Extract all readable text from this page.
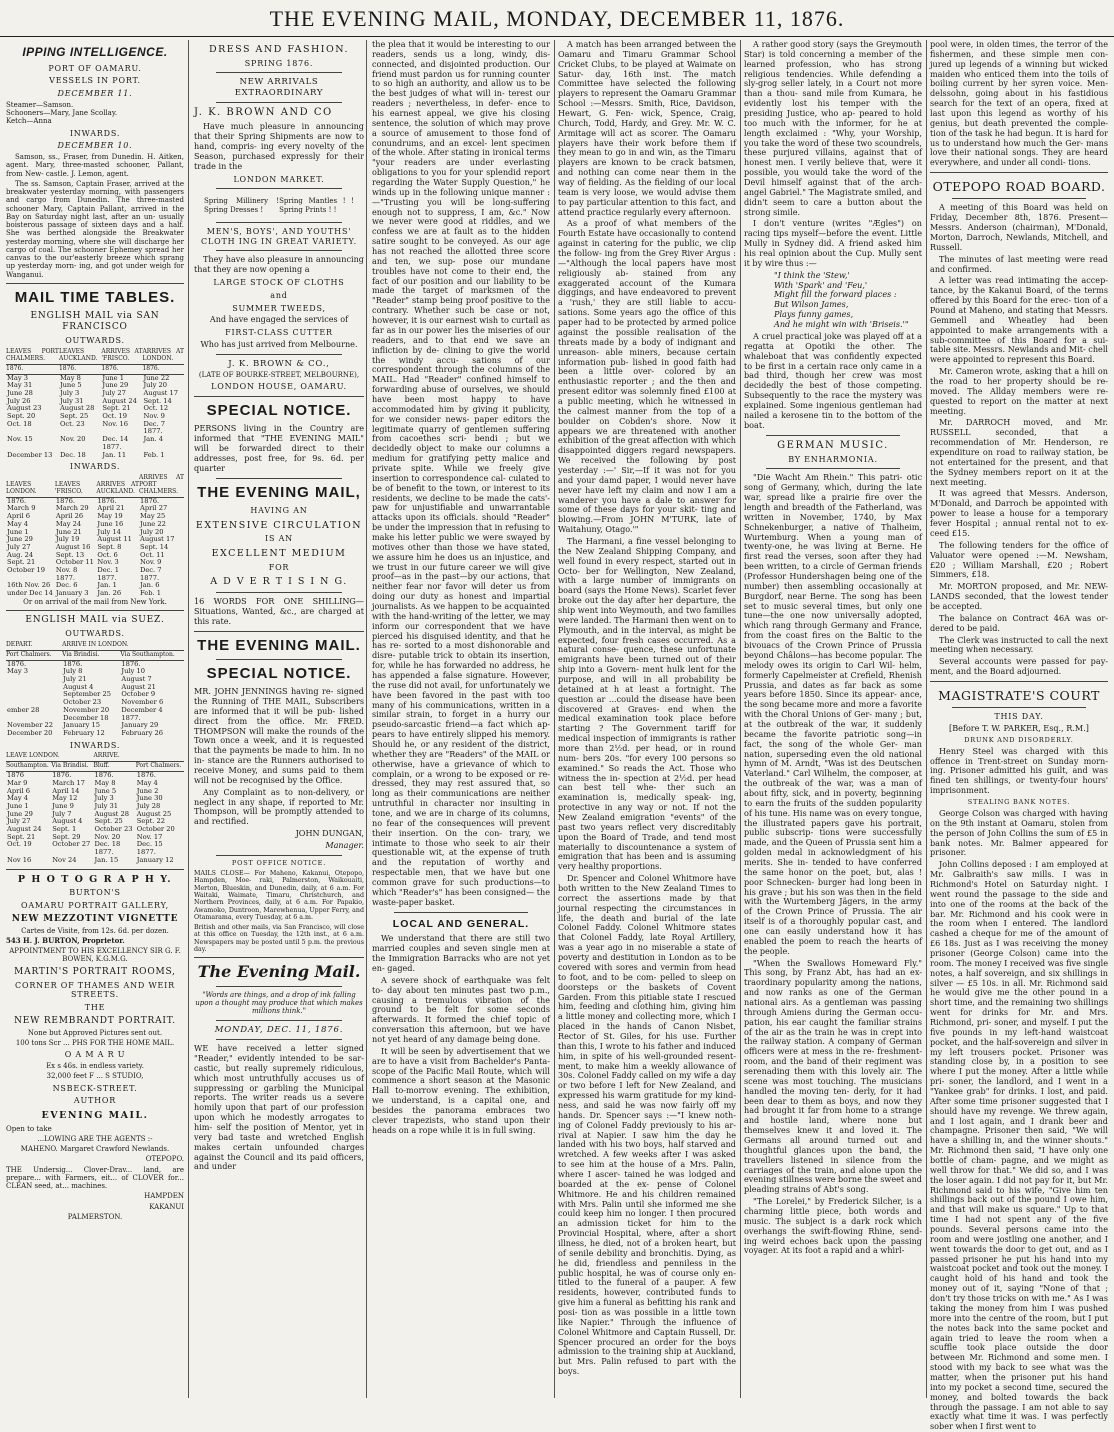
THE EVENING MAIL, MONDAY, DECEMBER 11, 1876.
IPPING INTELLIGENCE.
PORT OF OAMARU.
VESSELS IN PORT.
DECEMBER 11.

Steamer—Samson.
Schooners—Mary, Jane Scollay.
Ketch—Anna

INWARDS.
DECEMBER 10.

Samson, ss., Fraser, from Dunedin. H. Aitken, agent. Mary, three-masted schooner, Pallant, from New- castle. J. Lemon, agent.

The ss. Samson, Captain Fraser, arrived at the breakwater yesterday morning, with passengers and cargo from Dunedin. The three-masted schooner Mary, Captain Pallant, arrived in the Bay on Saturday night last, after an un- usually boisterous passage of sixteen days and a half. She was berthed alongside the Breakwater yesterday morning, where she will discharge her cargo of coal. The schooner Ephemey spread her canvas to the our'easterly breeze which sprang up yesterday morn- ing, and got under weigh for Wanganui.

MAIL TIME TABLES.
ENGLISH MAIL via SAN FRANCISCO
OUTWARDS.
LEAVES PORT CHALMERS.	LEAVES AUCKLAND.	ARRIVES AT 'FRISCO.	ARRIVES AT LONDON.
1876.	1876.	1876.	1876.
May 3	May 8	June 1	June 22
May 31	June 5	June 29	July 20
June 28	July 3	July 27	August 17
July 26	July 31	August 24	Sept. 14
August 23	August 28	Sept. 21	Oct. 12
Sept. 20	Sept. 25	Oct. 19	Nov. 9
Oct. 18	Oct. 23	Nov. 16	Dec. 7
			1877.
Nov. 15	Nov. 20	Dec. 14	Jan. 4
		1877.	
December 13	Dec. 18	Jan. 11	Feb. 1
INWARDS.
LEAVES LONDON.	LEAVES 'FRISCO.	ARRIVES AT AUCKLAND.	ARRIVES AT PORT CHALMERS.
1876.	1876.	1876.	1876.
March 9	March 29	April 21	April 27
April 6	April 26	May 19	May 25
May 4	May 24	June 16	June 22
June 1	June 21	July 14	July 20
June 29	July 19	August 11	August 17
July 27	August 16	Sept. 8	Sept. 14
Aug. 24	Sept. 13	Oct. 6	Oct. 11
Sept. 21	October 11	Nov. 3	Nov. 9
October 19	Nov. 8	Dec. 1	Dec. 7
	1877.	1877.	1877.
16th Nov. 26	Dec. 6	Jan. 1	Jan. 6
under Dec 14	January 3	Jan. 26	Feb. 1

Or on arrival of the mail from New York.

ENGLISH MAIL via SUEZ.
OUTWARDS.
DEPART.	ARRIVE IN LONDON.	
Port Chalmers.	Via Brindisi.	Via Southampton.
1876.	1876.	1876.
May 3	July 8	July 10
	July 21	August 7
	August 4	August 21
	September 25	October 9
	October 23	November 6
ember 28	November 20	December 4
	December 18	1877.
November 22	January 15	January 29
December 20	February 12	February 26
INWARDS.
LEAVE LONDON.		ARRIVE.	
Southampton.	Via Brindisi.	Bluff.	Port Chalmers.
1876	1876.	1876.	1876.
Mar 9	March 17	May 8	May 4
April 6	April 14	June 5	June 2
May 4	May 12	July 3	June 30
June 1	June 9	July 31	July 28
June 29	July 7	August 28	August 25
July 27	August 4	Sept. 25	Sept. 22
August 24	Sept. 1	October 23	October 20
Sept. 21	Sept. 29	Nov. 20	Nov. 17
Oct. 19	October 27	Dec. 18	Dec. 15
		1877.	1877.
Nov 16	Nov 24	Jan. 15	January 12
P H O T O G R A P H Y.
BURTON'S
OAMARU PORTRAIT GALLERY,
NEW MEZZOTINT VIGNETTE

Cartes de Visite, from 12s. 6d. per dozen.

543 H. J. BURTON, Proprietor.

APPOINTMENT TO HIS EXCELLENCY SIR G. F. BOWEN, K.G.M.G.

MARTIN'S PORTRAIT ROOMS,
CORNER OF THAMES AND WEIR STREETS.
THE
NEW REMBRANDT PORTRAIT.

None but Approved Pictures sent out.

100 tons Scr ... PHS FOR THE HOME MAIL.

O A M A R U

Ex s 46s. in endless variety.

32,000 feet F ... S STUDIO,

NSBECK-STREET.
AUTHOR
EVENING MAIL.

Open to take

...LOWING ARE THE AGENTS :-

MAHENO. Margaret Crawford Newlands.

OTEPOPO.

THE Undersig... Clover-Drav... land, are prepare... with Farmers, eit... of CLOVER for... CLEAN seed, at... machines.

HAMPDEN

KAKANUI

PALMERSTON.

DRESS AND FASHION.
SPRING 1876.
NEW ARRIVALS EXTRAORDINARY
J. K. BROWN AND CO

Have much pleasure in announcing that their Spring Shipments are now to hand, compris- ing every novelty of the Season, purchased expressly for their trade in the

LONDON MARKET.
Spring Millinery ! Spring Dresses !
Spring Mantles ! ! Spring Prints ! !
MEN'S, BOYS', AND YOUTHS' CLOTH ING IN GREAT VARIETY.

They have also pleasure in announcing that they are now opening a

LARGE STOCK OF CLOTHS
and
SUMMER TWEEDS,

And have engaged the services of

FIRST-CLASS CUTTER

Who has just arrived from Melbourne.

J. K. BROWN & CO.,

(LATE OF BOURKE-STREET, MELBOURNE),

LONDON HOUSE, OAMARU.
SPECIAL NOTICE.

PERSONS living in the Country are informed that "THE EVENING MAIL" will be forwarded direct to their addresses, post free, for 9s. 6d. per quarter

THE EVENING MAIL,
HAVING AN
EXTENSIVE CIRCULATION
IS AN
EXCELLENT MEDIUM
FOR
A D V E R T I S I N G.

16 WORDS FOR ONE SHILLING— Situations, Wanted, &c., are charged at this rate.

THE EVENING MAIL.
SPECIAL NOTICE.

MR. JOHN JENNINGS having re- signed the Running of THE MAIL, Subscribers are informed that it will be pub- lished direct from the office. Mr. FRED. THOMPSON will make the rounds of the Town once a week, and it is requested that the payments be made to him. In no in- stance are the Runners authorised to receive Money, and sums paid to them will not be recognised by the Office.

Any Complaint as to non-delivery, or neglect in any shape, if reported to Mr. Thompson, will be promptly attended to and rectified.

JOHN DUNGAN,

Manager.

POST OFFICE NOTICE.

MAILS CLOSE— For Maheno, Kakanui, Otepopo, Hampden, Moe- raki, Palmerston, Waikouaiti, Merton, Blueskin, and Dunedin, daily, at 6 a.m. For Waitaki, Waimate, Timaru, Christchurch, and Northern Provinces, daily, at 6 a.m. For Papakio, Awamoko, Duntroon, Marewhenua, Upper Ferry, and Otamarama, every Tuesday, at 6 a.m.

British and other mails, via San Francisco, will close at this office on Tuesday, the 12th inst., at 6 a.m. Newspapers may be posted until 5 p.m. the previous day.

The Evening Mail.

"Words are things, and a drop of ink falling upon a thought may produce that which makes millions think."

MONDAY, DEC. 11, 1876.

WE have received a letter signed "Reader," evidently intended to be sar- castic, but really supremely ridiculous, which most untruthfully accuses us of suppressing or garbling the Municipal reports. The writer reads us a severe homily upon that part of our profession upon which he modestly arrogates to him- self the position of Mentor, yet in very bad taste and wretched English makes certain unfounded charges against the Council and its paid officers, and under

the plea that it would be interesting to our readers, sends us a long, windy, dis- connected, and disjointed production. Our friend must pardon us for running counter to so high an authority, and allow us to be the best judges of what will in- terest our readers ; nevertheless, in defer- ence to his earnest appeal, we give his closing sentence, the solution of which may prove a source of amusement to those fond of conundrums, and an excel- lent specimen of the whole. After stating in ironical terms "your readers are under everlasting obligations to you for your splendid report regarding the Water Supply Question," he winds up in the following unique manner :—"Trusting you will be long-suffering enough not to suppress, I am, &c." Now we never were good at riddles, and we confess we are at fault as to the hidden satire sought to be conveyed. As our age has not reached the allotted three score and ten, we sup- pose our mundane troubles have not come to their end, the fact of our position and our liability to be made the target of marksmen of the "Reader" stamp being proof positive to the contrary. Whether such be case or not, however, it is our earnest wish to curtail as far as in our power lies the miseries of our readers, and to that end we save an infliction by de- clining to give the world the windy accu- sations of our correspondent through the columns of the MAIL. Had "Reader" confined himself to forwarding abuse of ourselves, we should have been most happy to have accommodated him by giving it publicity, for we consider news- paper editors the legitimate quarry of gentlemen suffering from cacoethes scri- bendi ; but we decidedly object to make our columns a medium for gratifying petty malice and private spite. While we freely give insertion to correspondence cal- culated to be of benefit to the town, or interest to its residents, we decline to be made the cats'-paw for unjustifiable and unwarrantable attacks upon its officials. should "Reader" be under the impression that in refusing to make his letter public we were swayed by motives other than those we have stated, we assure him he does us an injustice, and we trust in our future career we will give proof—as in the past—by our actions, that neither fear nor favor will deter us from doing our duty as honest and impartial journalists. As we happen to be acquainted with the hand-writing of the letter, we may inform our correspondent that we have pierced his disguised identity, and that he has re- sorted to a most dishonorable and disre- putable trick to obtain its insertion, for, while he has forwarded no address, he has appended a false signature. However, the ruse did not avail, for unfortunately we have been favored in the past with too many of his communications, written in a similar strain, to forget in a hurry our pseudo-sarcastic friend—a fact which ap- pears to have entirely slipped his memory. Should he, or any resident of the district, whether they are "Readers" of the MAIL or otherwise, have a grievance of which to complain, or a wrong to be exposed or re- dressed, they may rest assured that, so long as their communications are neither untruthful in character nor insulting in tone, and we are in charge of its columns, no fear of the consequences will prevent their insertion. On the con- trary, we intimate to those who seek to air their questionable wit, at the expense of truth and the reputation of worthy and respectable men, that we have but one common grave for such productions—to which "Reader's" has been consigned— the waste-paper basket.

LOCAL AND GENERAL.

We understand that there are still two married couples and seven single men at the Immigration Barracks who are not yet en- gaged.

A severe shock of earthquake was felt to- day about ten minutes past two p.m., causing a tremulous vibration of the ground to be felt for some seconds afterwards. It formed the chief topic of conversation this afternoon, but we have not yet heard of any damage being done.

It will be seen by advertisement that we are to have a visit from Bachelder's Panta- scope of the Pacific Mail Route, which will commence a short season at the Masonic Hall to-morrow evening. The exhibition, we understand, is a capital one, and besides the panorama embraces two clever trapezists, who stand upon their heads on a rope while it is in full swing.

A match has been arranged between the Oamaru and Timaru Grammar School Cricket Clubs, to be played at Waimate on Satur- day, 16th inst. The match Committee have selected the following players to represent the Oamaru Grammar School :—Messrs. Smith, Rice, Davidson, Hewart, G. Fen- wick, Spence, Craig, Church, Todd, Hardy, and Grey. Mr. W. C. Armitage will act as scorer. The Oamaru players have their work before them if they mean to go in and win, as the Timaru players are known to be crack batsmen, and nothing can come near them in the way of fielding. As the fielding of our local team is very loose, we would advise them to pay particular attention to this fact, and attend practice regularly every afternoon.

As a proof of what members of the Fourth Estate have occasionally to contend against in catering for the public, we clip the follow- ing from the Grey River Argus :—"Although the local papers have most religiously ab- stained from any exaggerated account of the Kumara diggings, and have endeavored to prevent a 'rush,' they are still liable to accu- sations. Some years ago the office of this paper had to be protected by armed police against the possible realisation of the threats made by a body of indignant and unreason- able miners, because certain information pub- lished in good faith had been a little over- colored by an enthusiastic reporter ; and the then and present editor was solemnly fined £100 at a public meeting, which he witnessed in the calmest manner from the top of a boulder on Cobden's shore. Now it appears we are threatened with another exhibition of the great affection with which disappointed diggers regard newspapers. We received the following by post yesterday :—' Sir,—If it was not for you and your damd paper, I would never have never have left my claim and now I am a wanderer you have a dale to answer for some of these days for your skit- ting and blowing.—From JOHN M'TURK, late of Waitahuny, Otago.'"

The Harmani, a fine vessel belonging to the New Zealand Shipping Company, and well found in every respect, started out in Octo- ber for Wellington, New Zealand, with a large number of immigrants on board (says the Home News). Scarlet fever broke out the day after her departure, the ship went into Weymouth, and two families were landed. The Harmani then went on to Plymouth, and in the interval, as might be expected, four fresh cases occurred. As a natural conse- quence, these unfortunate emigrants have been turned out of their ship into a Govern- ment hulk lent for the purpose, and will in all probability be detained at h at least a fortnight. The question ar ...could the disease have been discovered at Graves- end when the medical examination took place before starting ? The Government tariff for medical inspection of immigrants is rather more than 2½d. per head, or in round num- bers 20s. "for every 100 persons so examined." So reads the Act. Those who witness the in- spection at 2½d. per head can best tell whe- ther such an examination is, medically speak- ing, protective in any way or not. If not the New Zealand emigration "events" of the past two years reflect very discreditably upon the Board of Trade, and tend most materially to discountenance a system of emigration that has been and is assuming very healthy proportions.

Dr. Spencer and Colonel Whitmore have both written to the New Zealand Times to correct the assertions made by that journal respecting the circumstances in life, the death and burial of the late Colonel Faddy. Colonel Whitmore states that Colonel Faddy, late Royal Artillery, was a year ago in no miserable a state of poverty and destitution in London as to be covered with sores and vermin from head to foot, and to be com- pelled to sleep on doorsteps or the baskets of Covent Garden. From this pitiable state I rescued him, feeding and clothing him, giving him a little money and collecting more, which I placed in the hands of Canon Nisbet, Rector of St. Giles, for his use. Further than this, I wrote to his father and induced him, in spite of his well-grounded resent- ment, to make him a weekly allowance of 30s. Colonel Faddy called on my wife a day or two before I left for New Zealand, and expressed his warm gratitude for my kind- ness, and said he was now fairly off my hands. Dr. Spencer says :—"I knew noth- ing of Colonel Faddy previously to his ar- rival at Napier. I saw him the day he landed with his two boys, half starved and wretched. A few weeks after I was asked to see him at the house of a Mrs. Palin, where I ascer- tained he was lodged and boarded at the ex- pense of Colonel Whitmore. He and his children remained with Mrs. Palin until she informed me she could keep him no longer. I then procured an admission ticket for him to the Provincial Hospital, where, after a short illness, he died, not of a broken heart, but of senile debility and bronchitis. Dying, as he did, friendless and penniless in the public hospital, he was of course only en- titled to the funeral of a pauper. A few residents, however, contributed funds to give him a funeral as befitting his rank and posi- tion as was possible in a little town like Napier." Through the influence of Colonel Whitmore and Captain Russell, Dr. Spencer procured an order for the boys admission to the training ship at Auckland, but Mrs. Palin refused to part with the boys.

A rather good story (says the Greymouth Star) is told concerning a member of the learned profession, who has strong religious tendencies. While defending a sly-grog seller lately, in a Court not more than a thou- sand mile from Kumara, he evidently lost his temper with the presiding Justice, who ap- peared to hold too much with the informer, for he at length exclaimed : "Why, your Worship, you take the word of these two scoundrels, these purjured villains, against that of honest men. I verily believe that, were it possible, you would take the word of the Devil himself against that of the arch- angel Gabriel." The Magistrate smiled, and didn't seem to care a button about the strong simile.

I don't venture (writes "Ægles") on racing tips myself—before the event. Little Mully in Sydney did. A friend asked him his real opinion about the Cup. Mully sent it by wire thus :—

"I think the 'Stew,'
With 'Spark' and 'Feu,'
Might fill the forward places :
But Wilson James,
Plays funny games,
And he might win with 'Briseis.'"

A cruel practical joke was played off at a regatta at Opotiki the other. The whaleboat that was confidently expected to be first in a certain race only came in a bad third, though her crew was most decidedly the best of those competing. Subsequently to the race the mystery was explained. Some ingenious gentleman had nailed a kerosene tin to the bottom of the boat.

GERMAN MUSIC.
BY ENHARMONIA.

"Die Wacht Am Rhein." This patri- otic song of Germany, which, during the late war, spread like a prairie fire over the length and breadth of the Fatherland, was written in November, 1740, by Max Schnekenburger, a native of Thalheim, Wurtemburg. When a young man of twenty-one, he was living at Berne. He first read the verses, soon after they had been written, to a circle of German friends (Professor Hundershagen being one of the number) then assembling occasionally at Burgdorf, near Berne. The song has been set to music several times, but only one tune—the one now universally adopted, which rang through Germany and France, from the coast fires on the Baltic to the bivouacs of the Crown Prince of Prussia beyond Châlons—has become popular. The melody owes its origin to Carl Wil- helm, formerly Capelmeister at Crefield, Rhenish Prussia, and dates as far back as some years before 1850. Since its appear- ance, the song became more and more a favorite with the Choral Unions of Ger- many ; but, at the outbreak of the war, it suddenly became the favorite patriotic song—in fact, the song of the whole Ger- man nation, superseding even the old national hymn of M. Arndt, "Was ist des Deutschen Vaterland." Carl Wilhelm, the composer, at the outbreak of the war, was a man of about fifty, sick, and in poverty, beginning to earn the fruits of the sudden popularity of his tune. His name was on every tongue, the illustrated papers gave his portrait, public subscrip- tions were successfully made, and the Queen of Prussia sent him a golden medal in acknowledgment of his merits. She in- tended to have conferred the same honor on the poet, but, alas ! poor Schnecken- burger had long been in his grave ; but his son was then in the field with the Wurtemberg Jägers, in the army of the Crown Prince of Prussia. The air itself is of a thoroughly popular cast, and one can easily understand how it has enabled the poem to reach the hearts of the people.

"When the Swallows Homeward Fly." This song, by Franz Abt, has had an ex- traordinary popularity among the nations, and now ranks as one of the German national airs. As a gentleman was passing through Amiens during the German occu- pation, his ear caught the familiar strains of the air as the train he was in crept into the railway station. A company of German officers were at mess in the re- freshment-room, and the band of their regiment was serenading them with this lovely air. The scene was most touching. The musicians handled the moving ten- derly, for it had been dear to them as boys, and now they had brought it far from home to a strange and hostile land, where none but themselves knew it and loved it. The Germans all around turned out and thoughtful glances upon the band, the travellers listened in silence from the carriages of the train, and alone upon the evening stillness were borne the sweet and pleading strains of Abt's song.

"The Lorelei," by Frederick Silcher, is a charming little piece, both words and music. The subject is a dark rock which overhangs the swift-flowing Rhine, send- ing weird echoes back upon the passing voyager. At its foot a rapid and a whirl-

pool were, in olden times, the terror of the fishermen, and these simple men con- jured up legends of a winning but wicked maiden who enticed them into the toils of boiling current by her syren voice. Men- delssohn, going about in his fastidious search for the text of an opera, fixed at last upon this legend as worthy of his genius, but death prevented the comple- tion of the task he had begun. It is hard for us to understand how much the Ger- mans love their national songs. They are heard everywhere, and under all condi- tions.

OTEPOPO ROAD BOARD.

A meeting of this Board was held on Friday, December 8th, 1876. Present— Messrs. Anderson (chairman), M'Donald, Morton, Darroch, Newlands, Mitchell, and Russell.

The minutes of last meeting were read and confirmed.

A letter was read intimating the accep- tance, by the Kakanui Board, of the terms offered by this Board for the erec- tion of a Pound at Maheno, and stating that Messrs. Gemmell and Wheatley had been appointed to make arrangements with a sub-committee of this Board for a sui- table site. Messrs. Newlands and Mit- chell were appointed to represent this Board.

Mr. Cameron wrote, asking that a hill on the road to her property should be re- moved. The Allday members were re- quested to report on the matter at next meeting.

Mr. DARROCH moved, and Mr. RUSSELL seconded, that a recommendation of Mr. Henderson, re expenditure on road to railway station, be not entertained for the present, and that the Sydney members report on it at the next meeting.

It was agreed that Messrs. Anderson, M'Donald, and Darroch be appointed with power to lease a house for a temporary fever Hospital ; annual rental not to ex- ceed £15.

The following tenders for the office of Valuator were opened :—M. Newsham, £20 ; William Marshall, £20 ; Robert Simmers, £18.

Mr. MORTON proposed, and Mr. NEW- LANDS seconded, that the lowest tender be accepted.

The balance on Contract 46A was or- dered to be paid.

The Clerk was instructed to call the next meeting when necessary.

Several accounts were passed for pay- ment, and the Board adjourned.

MAGISTRATE'S COURT
THIS DAY.

[Before T. W. PARKER, Esq., R.M.]

DRUNK AND DISORDERLY.

Henry Steel was charged with this offence in Trent-street on Sunday morn- ing. Prisoner admitted his guilt, and was fined ten shillings, or twenty-four hours' imprisonment.

STEALING BANK NOTES.

George Colson was charged with having on the 9th instant at Oamaru, stolen from the person of John Collins the sum of £5 in bank notes. Mr. Balmer appeared for prisoner.

John Collins deposed : I am employed at Mr. Galbraith's saw mills. I was in Richmond's Hotel on Saturday night. I went round the passage to the side and into one of the rooms at the back of the bar. Mr. Richmond and his cook were in the room when I entered. The landlord cashed a cheque for me of the amount of £6 18s. Just as I was receiving the money prisoner (George Colson) came into the room. The money I received was five single notes, a half sovereign, and six shillings in silver — £5 10s. in all. Mr. Richmond said he would give me the other pound in a short time, and the remaining two shillings went for drinks for Mr. and Mrs. Richmond, pri- soner, and myself. I put the five pounds in my left-hand waistcoat pocket, and the half-sovereign and silver in my left trousers pocket. Prisoner was standing close by, in a position to see where I put the money. After a little while pri- soner, the landlord, and I went in a "Yankee grab" for drinks. I lost, and paid. After some time prisoner suggested that I should have my revenge. We threw again, and I lost again, and I drank beer and champagne. Prisoner then said, "We will have a shilling in, and the winner shouts." Mr. Richmond then said, "I have only one bottle of cham- pagne, and we might as well throw for that." We did so, and I was the loser again. I did not pay for it, but Mr. Richmond said to his wife, "Give him ten shillings back out of the pound I owe him, and that will make us square." Up to that time I had not spent any of the five pounds. Several persons came into the room and were jostling one another, and I went towards the door to get out, and as I passed prisoner he put his hand into my waistcoat pocket and took out the money. I caught hold of his hand and took the money out of it, saying "None of that ; don't try those tricks on with me." As I was taking the money from him I was pushed more into the centre of the room, but I put the notes back into the same pocket and again tried to leave the room when a scuffle took place outside the door between Mr. Richmond and some men. I stood with my back to see what was the matter, when the prisoner put his hand into my pocket a second time, secured the money, and bolted towards the back through the passage. I am not able to say exactly what time it was. I was perfectly sober when I first went to
